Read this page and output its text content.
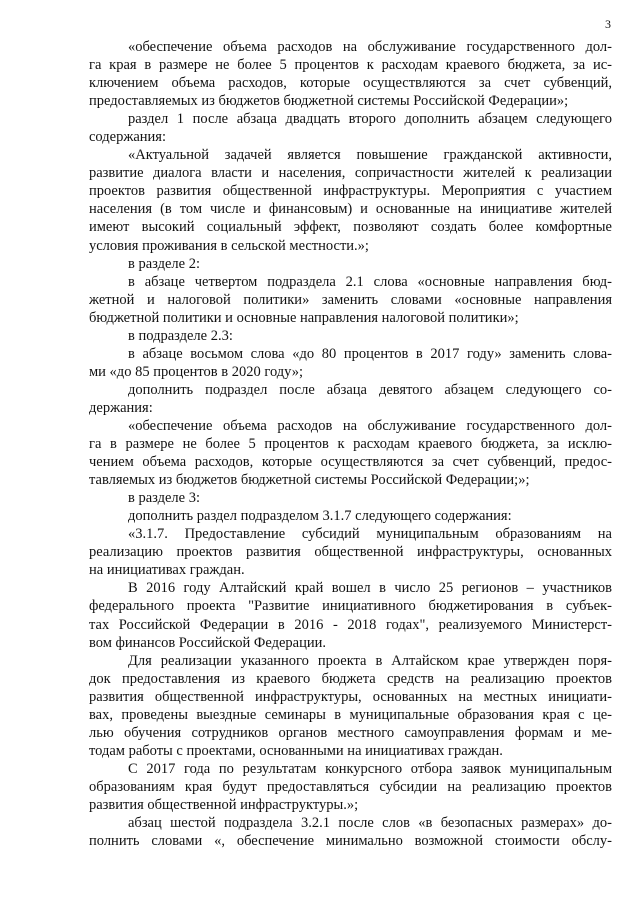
3
«обеспечение объема расходов на обслуживание государственного дол-
га края в размере не более 5 процентов к расходам краевого бюджета, за ис-
ключением объема расходов, которые осуществляются за счет субвенций,
предоставляемых из бюджетов бюджетной системы Российской Федерации»;
раздел 1 после абзаца двадцать второго дополнить абзацем следующего
содержания:
«Актуальной задачей является повышение гражданской активности,
развитие диалога власти и населения, сопричастности жителей к реализации
проектов развития общественной инфраструктуры. Мероприятия с участием
населения (в том числе и финансовым) и основанные на инициативе жителей
имеют высокий социальный эффект, позволяют создать более комфортные
условия проживания в сельской местности.»;
в разделе 2:
в абзаце четвертом подраздела 2.1 слова «основные направления бюд-
жетной и налоговой политики» заменить словами «основные направления
бюджетной политики и основные направления налоговой политики»;
в подразделе 2.3:
в абзаце восьмом слова «до 80 процентов в 2017 году» заменить слова-
ми «до 85 процентов в 2020 году»;
дополнить подраздел после абзаца девятого абзацем следующего со-
держания:
«обеспечение объема расходов на обслуживание государственного дол-
га в размере не более 5 процентов к расходам краевого бюджета, за исклю-
чением объема расходов, которые осуществляются за счет субвенций, предос-
тавляемых из бюджетов бюджетной системы Российской Федерации;»;
в разделе 3:
дополнить раздел подразделом 3.1.7 следующего содержания:
«3.1.7. Предоставление субсидий муниципальным образованиям на
реализацию проектов развития общественной инфраструктуры, основанных
на инициативах граждан.
В 2016 году Алтайский край вошел в число 25 регионов – участников
федерального проекта "Развитие инициативного бюджетирования в субъек-
тах Российской Федерации в 2016 - 2018 годах", реализуемого Министерст-
вом финансов Российской Федерации.
Для реализации указанного проекта в Алтайском крае утвержден поря-
док предоставления из краевого бюджета средств на реализацию проектов
развития общественной инфраструктуры, основанных на местных инициати-
вах, проведены выездные семинары в муниципальные образования края с це-
лью обучения сотрудников органов местного самоуправления формам и ме-
тодам работы с проектами, основанными на инициативах граждан.
С 2017 года по результатам конкурсного отбора заявок муниципальным
образованиям края будут предоставляться субсидии на реализацию проектов
развития общественной инфраструктуры.»;
абзац шестой подраздела 3.2.1 после слов «в безопасных размерах» до-
полнить словами «, обеспечение минимально возможной стоимости обслу-
